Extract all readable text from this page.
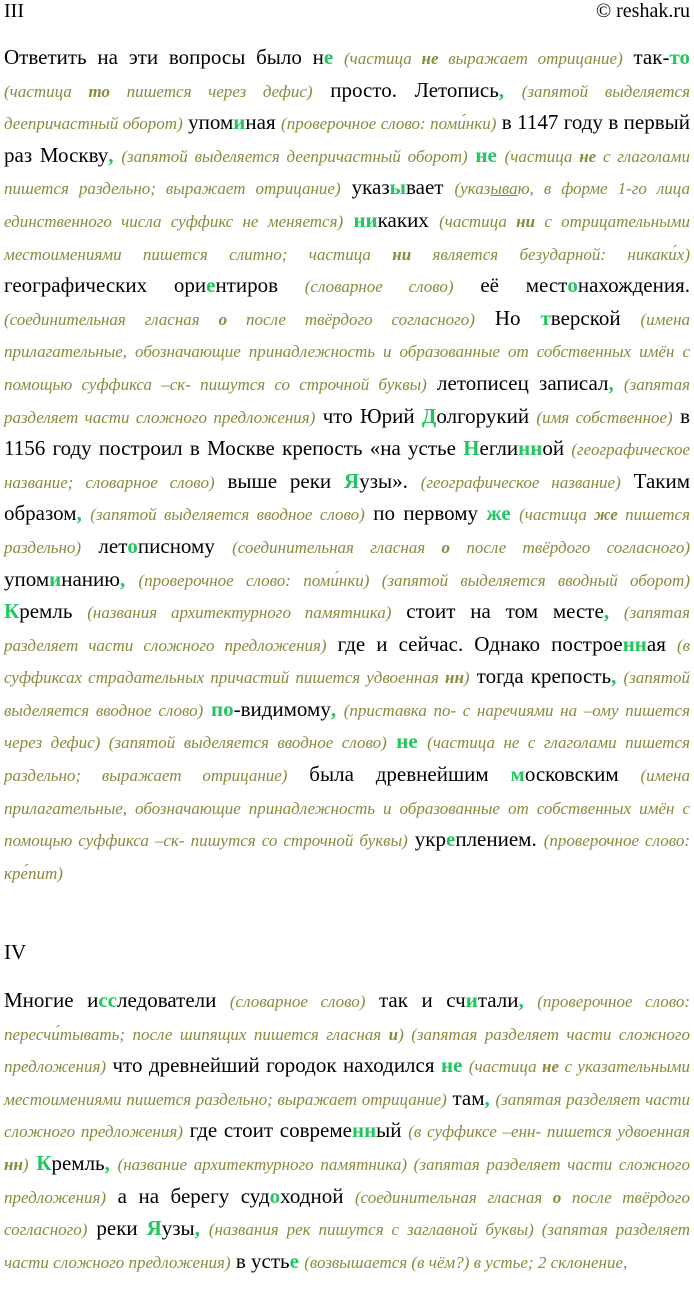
III	© reshak.ru
Ответить на эти вопросы было не (частица не выражает отрицание) так-то (частица то пишется через дефис) просто. Летопись, (запятой выделяется деепричастный оборот) упоминая (проверочное слово: поми́нки) в 1147 году в первый раз Москву, (запятой выделяется деепричастный оборот) не (частица не с глаголами пишется раздельно; выражает отрицание) указывает (указываю, в форме 1-го лица единственного числа суффикс не меняется) никаких (частица ни с отрицательными местоимениями пишется слитно; частица ни является безударной: никаки́х) географических ориентиров (словарное слово) её местонахождения. (соединительная гласная о после твёрдого согласного) Но тверской (имена прилагательные, обозначающие принадлежность и образованные от собственных имён с помощью суффикса –ск- пишутся со строчной буквы) летописец записал, (запятая разделяет части сложного предложения) что Юрий Долгорукий (имя собственное) в 1156 году построил в Москве крепость «на устье Неглинной (географическое название; словарное слово) выше реки Яузы». (географическое название) Таким образом, (запятой выделяется вводное слово) по первому же (частица же пишется раздельно) летописному (соединительная гласная о после твёрдого согласного) упоминанию, (проверочное слово: поми́нки) (запятой выделяется вводный оборот) Кремль (названия архитектурного памятника) стоит на том месте, (запятая разделяет части сложного предложения) где и сейчас. Однако построенная (в суффиксах страдательных причастий пишется удвоенная нн) тогда крепость, (запятой выделяется вводное слово) по-видимому, (приставка по- с наречиями на –ому пишется через дефис) (запятой выделяется вводное слово) не (частица не с глаголами пишется раздельно; выражает отрицание) была древнейшим московским (имена прилагательные, обозначающие принадлежность и образованные от собственных имён с помощью суффикса –ск- пишутся со строчной буквы) укреплением. (проверочное слово: кре́пит)
IV
Многие исследователи (словарное слово) так и считали, (проверочное слово: пересчи́тывать; после шипящих пишется гласная и) (запятая разделяет части сложного предложения) что древнейший городок находился не (частица не с указательными местоимениями пишется раздельно; выражает отрицание) там, (запятая разделяет части сложного предложения) где стоит современный (в суффиксе –енн- пишется удвоенная нн) Кремль, (название архитектурного памятника) (запятая разделяет части сложного предложения) а на берегу судоходной (соединительная гласная о после твёрдого согласного) реки Яузы, (названия рек пишутся с заглавной буквы) (запятая разделяет части сложного предложения) в устье (возвышается (в чём?) в устье; 2 склонение,
